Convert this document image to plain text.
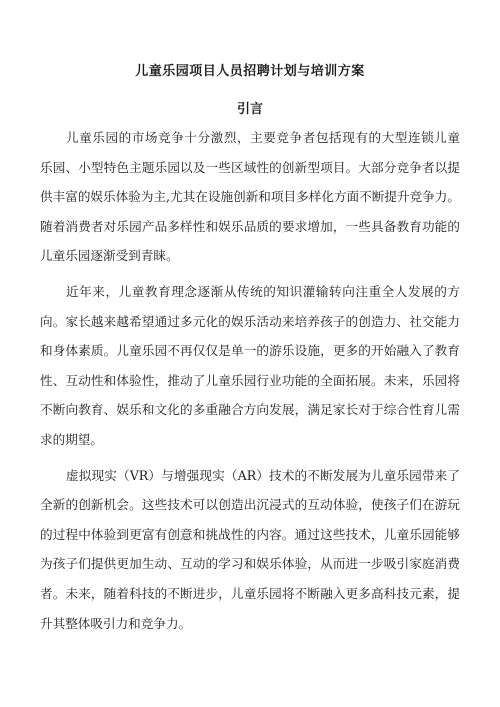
儿童乐园项目人员招聘计划与培训方案
引言
儿童乐园的市场竞争十分激烈，主要竞争者包括现有的大型连锁儿童
乐园、小型特色主题乐园以及一些区域性的创新型项目。大部分竞争者以提
供丰富的娱乐体验为主,尤其在设施创新和项目多样化方面不断提升竞争力。
随着消费者对乐园产品多样性和娱乐品质的要求增加，一些具备教育功能的
儿童乐园逐渐受到青睐。
近年来，儿童教育理念逐渐从传统的知识灌输转向注重全人发展的方
向。家长越来越希望通过多元化的娱乐活动来培养孩子的创造力、社交能力
和身体素质。儿童乐园不再仅仅是单一的游乐设施，更多的开始融入了教育
性、互动性和体验性，推动了儿童乐园行业功能的全面拓展。未来，乐园将
不断向教育、娱乐和文化的多重融合方向发展，满足家长对于综合性育儿需
求的期望。
虚拟现实（VR）与增强现实（AR）技术的不断发展为儿童乐园带来了
全新的创新机会。这些技术可以创造出沉浸式的互动体验，使孩子们在游玩
的过程中体验到更富有创意和挑战性的内容。通过这些技术，儿童乐园能够
为孩子们提供更加生动、互动的学习和娱乐体验，从而进一步吸引家庭消费
者。未来，随着科技的不断进步，儿童乐园将不断融入更多高科技元素，提
升其整体吸引力和竞争力。
